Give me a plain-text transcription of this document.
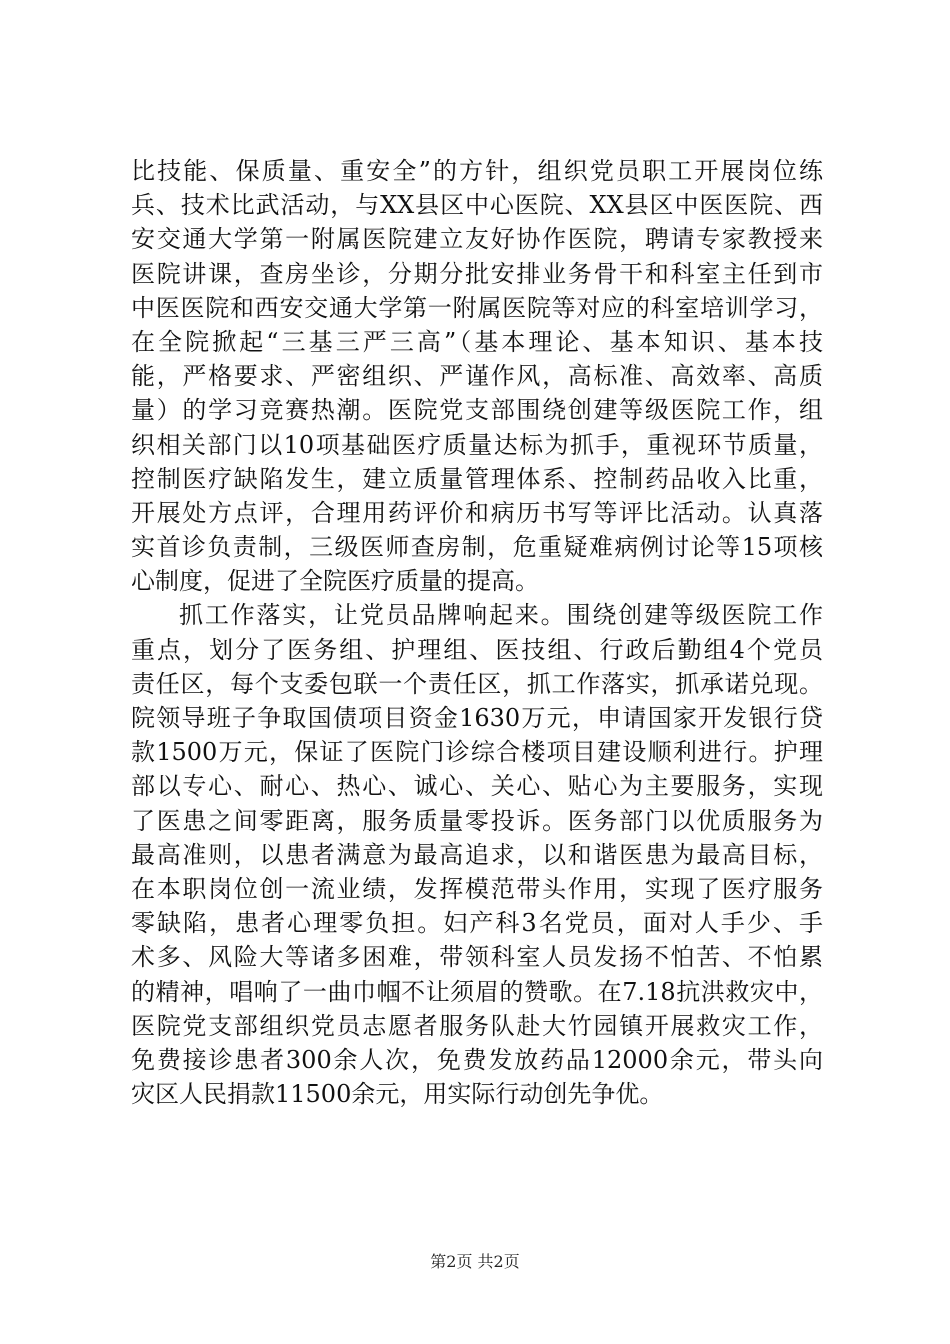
比技能、保质量、重安全”的方针，组织党员职工开展岗位练
兵、技术比武活动，与XX县区中心医院、XX县区中医医院、西
安交通大学第一附属医院建立友好协作医院，聘请专家教授来
医院讲课，查房坐诊，分期分批安排业务骨干和科室主任到市
中医医院和西安交通大学第一附属医院等对应的科室培训学习，
在全院掀起“三基三严三高”（基本理论、基本知识、基本技
能，严格要求、严密组织、严谨作风，高标准、高效率、高质
量）的学习竞赛热潮。医院党支部围绕创建等级医院工作，组
织相关部门以10项基础医疗质量达标为抓手，重视环节质量，
控制医疗缺陷发生，建立质量管理体系、控制药品收入比重，
开展处方点评，合理用药评价和病历书写等评比活动。认真落
实首诊负责制，三级医师查房制，危重疑难病例讨论等15项核
心制度，促进了全院医疗质量的提高。
抓工作落实，让党员品牌响起来。围绕创建等级医院工作
重点，划分了医务组、护理组、医技组、行政后勤组4个党员
责任区，每个支委包联一个责任区，抓工作落实，抓承诺兑现。
院领导班子争取国债项目资金1630万元，申请国家开发银行贷
款1500万元，保证了医院门诊综合楼项目建设顺利进行。护理
部以专心、耐心、热心、诚心、关心、贴心为主要服务，实现
了医患之间零距离，服务质量零投诉。医务部门以优质服务为
最高准则，以患者满意为最高追求，以和谐医患为最高目标，
在本职岗位创一流业绩，发挥模范带头作用，实现了医疗服务
零缺陷，患者心理零负担。妇产科3名党员，面对人手少、手
术多、风险大等诸多困难，带领科室人员发扬不怕苦、不怕累
的精神，唱响了一曲巾帼不让须眉的赞歌。在7.18抗洪救灾中，
医院党支部组织党员志愿者服务队赴大竹园镇开展救灾工作，
免费接诊患者300余人次，免费发放药品12000余元，带头向
灾区人民捐款11500余元，用实际行动创先争优。
第2页 共2页
